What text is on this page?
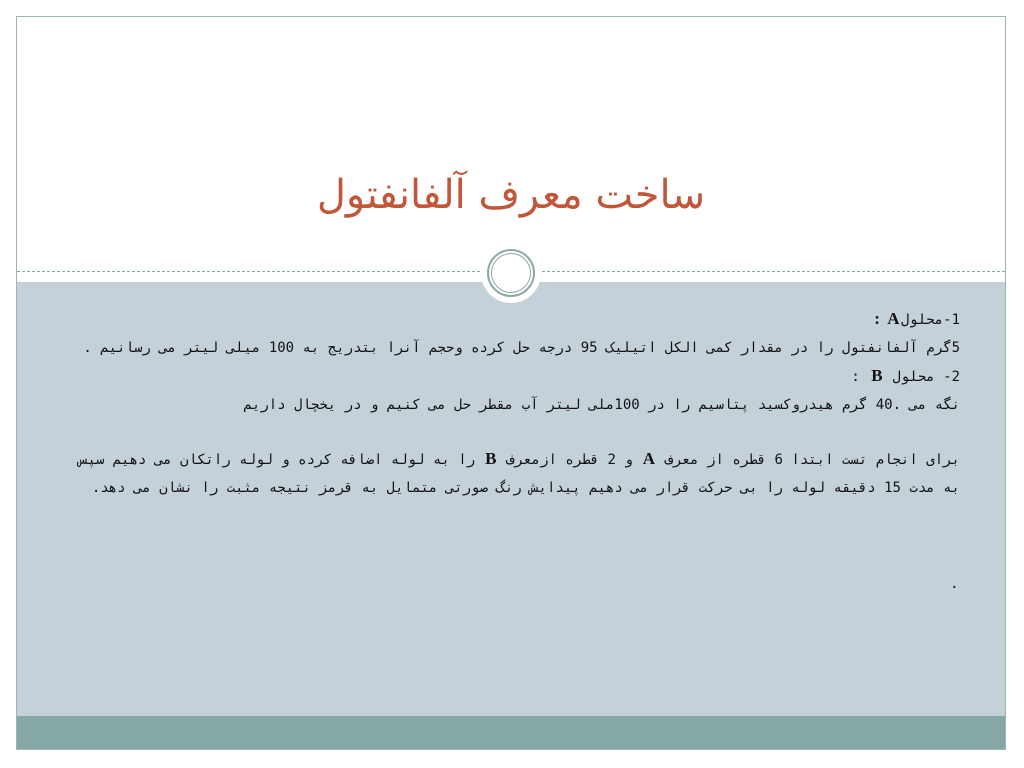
ساخت معرف آلفانفتول

1-محلولA :

5گرم آلفانفتول را در مقدار کمی الکل اتیلیک 95 درجه حل کرده وحجم آنرا بتدریج به 100 میلی لیتر می رسانیم .

2- محلول B :

نگه می .40 گرم هیدروکسید پتاسیم را در 100ملی لیتر آب مقطر حل می کنیم و در یخچال داریم

برای انجام تست ابتدا 6 قطره از معرف A و 2 قطره ازمعرف B را به لوله اضافه کرده و لوله راتکان می دهیم سپس به مدت 15 دقیقه لوله را بی حرکت قرار می دهیم پیدایش رنگ صورتی متمایل به قرمز نتیجه مثبت را نشان می دهد.

.
